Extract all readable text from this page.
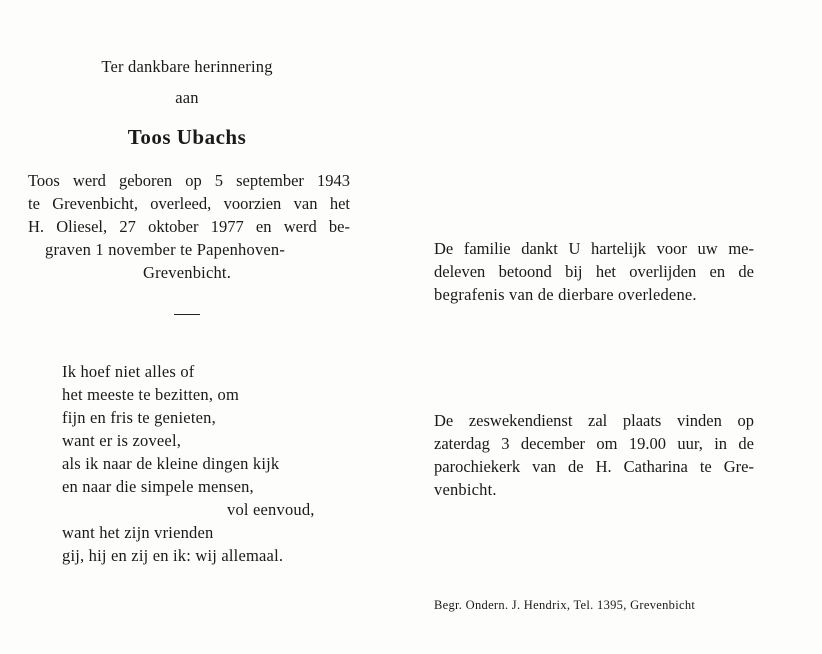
Ter dankbare herinnering
aan
Toos Ubachs
Toos werd geboren op 5 september 1943
te Grevenbicht, overleed, voorzien van het
H. Oliesel, 27 oktober 1977 en werd be-
graven 1 november te Papenhoven-
Grevenbicht.
Ik hoef niet alles of
het meeste te bezitten, om
fijn en fris te genieten,
want er is zoveel,
als ik naar de kleine dingen kijk
en naar die simpele mensen,
vol eenvoud,
want het zijn vrienden
gij, hij en zij en ik: wij allemaal.
De familie dankt U hartelijk voor uw me-
deleven betoond bij het overlijden en de
begrafenis van de dierbare overledene.
De zeswekendienst zal plaats vinden op
zaterdag 3 december om 19.00 uur, in de
parochiekerk van de H. Catharina te Gre-
venbicht.
Begr. Ondern. J. Hendrix, Tel. 1395, Grevenbicht
